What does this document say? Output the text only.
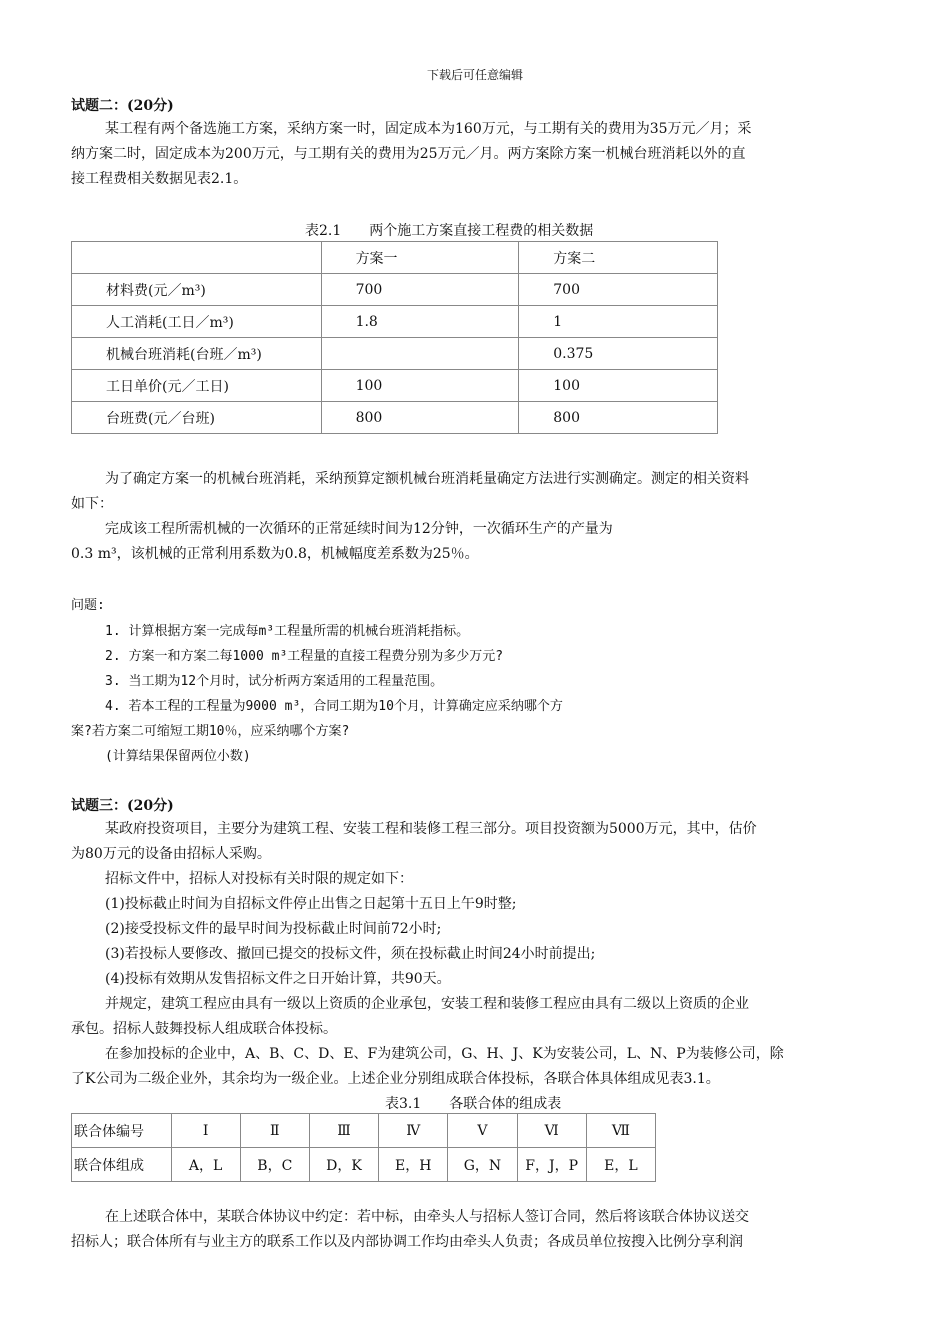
下载后可任意编辑
试题二：(20分)
某工程有两个备选施工方案，采纳方案一时，固定成本为160万元，与工期有关的费用为35万元／月；采
纳方案二时，固定成本为200万元，与工期有关的费用为25万元／月。两方案除方案一机械台班消耗以外的直
接工程费相关数据见表2.1。
表2.1　　两个施工方案直接工程费的相关数据
	方案一	方案二
材料费(元／m³)	700	700
人工消耗(工日／m³)	1.8	1
机械台班消耗(台班／m³)		0.375
工日单价(元／工日)	100	100
台班费(元／台班)	800	800
为了确定方案一的机械台班消耗，采纳预算定额机械台班消耗量确定方法进行实测确定。测定的相关资料
如下：
完成该工程所需机械的一次循环的正常延续时间为12分钟，一次循环生产的产量为
0.3 m³，该机械的正常利用系数为0.8，机械幅度差系数为25％。
问题:
1. 计算根据方案一完成每m³工程量所需的机械台班消耗指标。
2. 方案一和方案二每1000 m³工程量的直接工程费分别为多少万元?
3. 当工期为12个月时，试分析两方案适用的工程量范围。
4. 若本工程的工程量为9000 m³，合同工期为10个月，计算确定应采纳哪个方
案?若方案二可缩短工期10％，应采纳哪个方案?
(计算结果保留两位小数)
试题三：(20分)
某政府投资项目，主要分为建筑工程、安装工程和装修工程三部分。项目投资额为5000万元，其中，估价
为80万元的设备由招标人采购。
招标文件中，招标人对投标有关时限的规定如下：
(1)投标截止时间为自招标文件停止出售之日起第十五日上午9时整;
(2)接受投标文件的最早时间为投标截止时间前72小时;
(3)若投标人要修改、撤回已提交的投标文件，须在投标截止时间24小时前提出;
(4)投标有效期从发售招标文件之日开始计算，共90天。
并规定，建筑工程应由具有一级以上资质的企业承包，安装工程和装修工程应由具有二级以上资质的企业
承包。招标人鼓舞投标人组成联合体投标。
在参加投标的企业中，A、B、C、D、E、F为建筑公司，G、H、J、K为安装公司，L、N、P为装修公司，除
了K公司为二级企业外，其余均为一级企业。上述企业分别组成联合体投标，各联合体具体组成见表3.1。
表3.1　　各联合体的组成表
联合体编号	Ⅰ	Ⅱ	Ⅲ	Ⅳ	Ⅴ	Ⅵ	Ⅶ
联合体组成	A，L	B，C	D，K	E，H	G，N	F，J，P	E，L
在上述联合体中，某联合体协议中约定：若中标，由牵头人与招标人签订合同，然后将该联合体协议送交
招标人；联合体所有与业主方的联系工作以及内部协调工作均由牵头人负责；各成员单位按搜入比例分享利润
